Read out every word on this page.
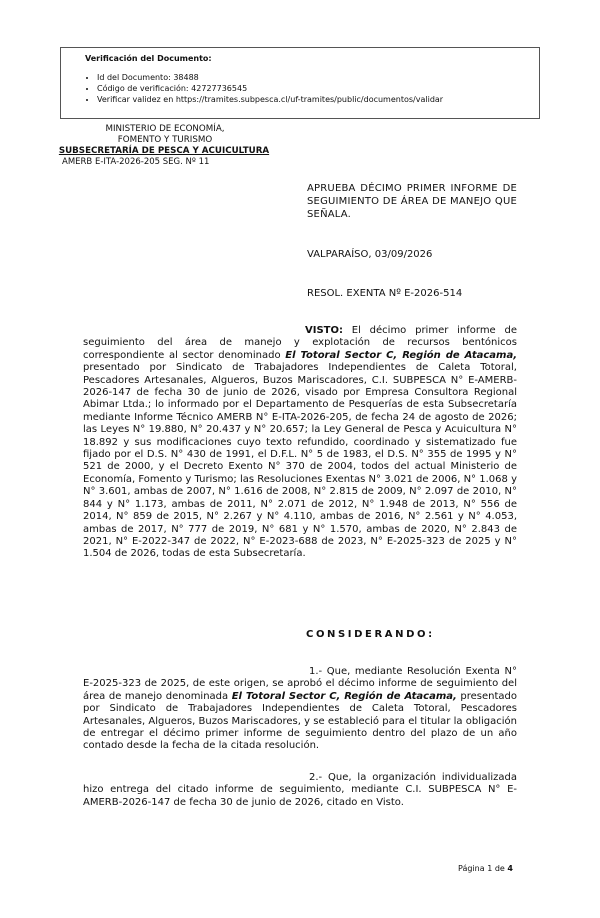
Verificación del Documento:
• Id del Documento: 38488
• Código de verificación: 42727736545
• Verificar validez en https://tramites.subpesca.cl/uf-tramites/public/documentos/validar
MINISTERIO DE ECONOMÍA,
FOMENTO Y TURISMO
SUBSECRETARÍA DE PESCA Y ACUICULTURA
AMERB E-ITA-2026-205 SEG. Nº 11
APRUEBA DÉCIMO PRIMER INFORME DE SEGUIMIENTO DE ÁREA DE MANEJO QUE SEÑALA.
VALPARAÍSO, 03/09/2026
RESOL. EXENTA Nº E-2026-514

VISTO: El décimo primer informe de seguimiento del área de manejo y explotación de recursos bentónicos correspondiente al sector denominado El Totoral Sector C, Región de Atacama, presentado por Sindicato de Trabajadores Independientes de Caleta Totoral, Pescadores Artesanales, Algueros, Buzos Mariscadores, C.I. SUBPESCA N° E-AMERB-2026-147 de fecha 30 de junio de 2026, visado por Empresa Consultora Regional Abimar Ltda.; lo informado por el Departamento de Pesquerías de esta Subsecretaría mediante Informe Técnico AMERB N° E-ITA-2026-205, de fecha 24 de agosto de 2026; las Leyes N° 19.880, N° 20.437 y N° 20.657; la Ley General de Pesca y Acuicultura N° 18.892 y sus modificaciones cuyo texto refundido, coordinado y sistematizado fue fijado por el D.S. N° 430 de 1991, el D.F.L. N° 5 de 1983, el D.S. N° 355 de 1995 y N° 521 de 2000, y el Decreto Exento N° 370 de 2004, todos del actual Ministerio de Economía, Fomento y Turismo; las Resoluciones Exentas N° 3.021 de 2006, N° 1.068 y N° 3.601, ambas de 2007, N° 1.616 de 2008, N° 2.815 de 2009, N° 2.097 de 2010, N° 844 y N° 1.173, ambas de 2011, N° 2.071 de 2012, N° 1.948 de 2013, N° 556 de 2014, N° 859 de 2015, N° 2.267 y N° 4.110, ambas de 2016, N° 2.561 y N° 4.053, ambas de 2017, N° 777 de 2019, N° 681 y N° 1.570, ambas de 2020, N° 2.843 de 2021, N° E-2022-347 de 2022, N° E-2023-688 de 2023, N° E-2025-323 de 2025 y N° 1.504 de 2026, todas de esta Subsecretaría.

CONSIDERANDO:

1.- Que, mediante Resolución Exenta N° E-2025-323 de 2025, de este origen, se aprobó el décimo informe de seguimiento del área de manejo denominada El Totoral Sector C, Región de Atacama, presentado por Sindicato de Trabajadores Independientes de Caleta Totoral, Pescadores Artesanales, Algueros, Buzos Mariscadores, y se estableció para el titular la obligación de entregar el décimo primer informe de seguimiento dentro del plazo de un año contado desde la fecha de la citada resolución.

2.- Que, la organización individualizada hizo entrega del citado informe de seguimiento, mediante C.I. SUBPESCA N° E-AMERB-2026-147 de fecha 30 de junio de 2026, citado en Visto.

Página 1 de 4
